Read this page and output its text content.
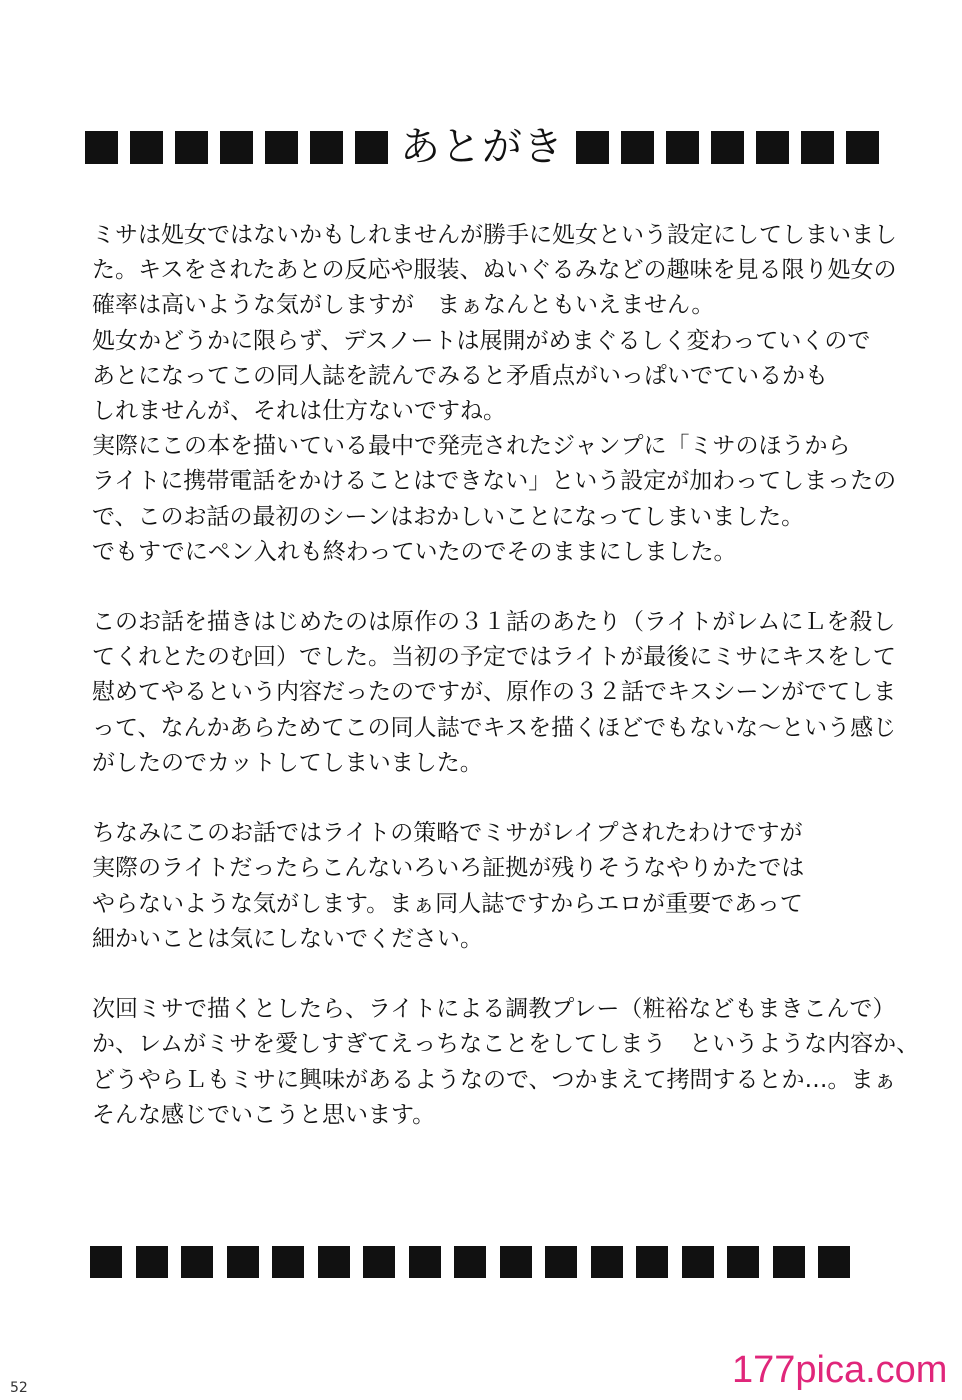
あとがき
ミサは処女ではないかもしれませんが勝手に処女という設定にしてしまいまし
た。キスをされたあとの反応や服装、ぬいぐるみなどの趣味を見る限り処女の
確率は高いような気がしますが　まぁなんともいえません。
処女かどうかに限らず、デスノートは展開がめまぐるしく変わっていくので
あとになってこの同人誌を読んでみると矛盾点がいっぱいでているかも
しれませんが、それは仕方ないですね。
実際にこの本を描いている最中で発売されたジャンプに「ミサのほうから
ライトに携帯電話をかけることはできない」という設定が加わってしまったの
で、このお話の最初のシーンはおかしいことになってしまいました。
でもすでにペン入れも終わっていたのでそのままにしました。
このお話を描きはじめたのは原作の３１話のあたり（ライトがレムにＬを殺し
てくれとたのむ回）でした。当初の予定ではライトが最後にミサにキスをして
慰めてやるという内容だったのですが、原作の３２話でキスシーンがでてしま
って、なんかあらためてこの同人誌でキスを描くほどでもないな～という感じ
がしたのでカットしてしまいました。
ちなみにこのお話ではライトの策略でミサがレイプされたわけですが
実際のライトだったらこんないろいろ証拠が残りそうなやりかたでは
やらないような気がします。まぁ同人誌ですからエロが重要であって
細かいことは気にしないでください。
次回ミサで描くとしたら、ライトによる調教プレー（粧裕などもまきこんで）
か、レムがミサを愛しすぎてえっちなことをしてしまう　というような内容か、
どうやらＬもミサに興味があるようなので、つかまえて拷問するとか…。まぁ
そんな感じでいこうと思います。
52	177pica.com
